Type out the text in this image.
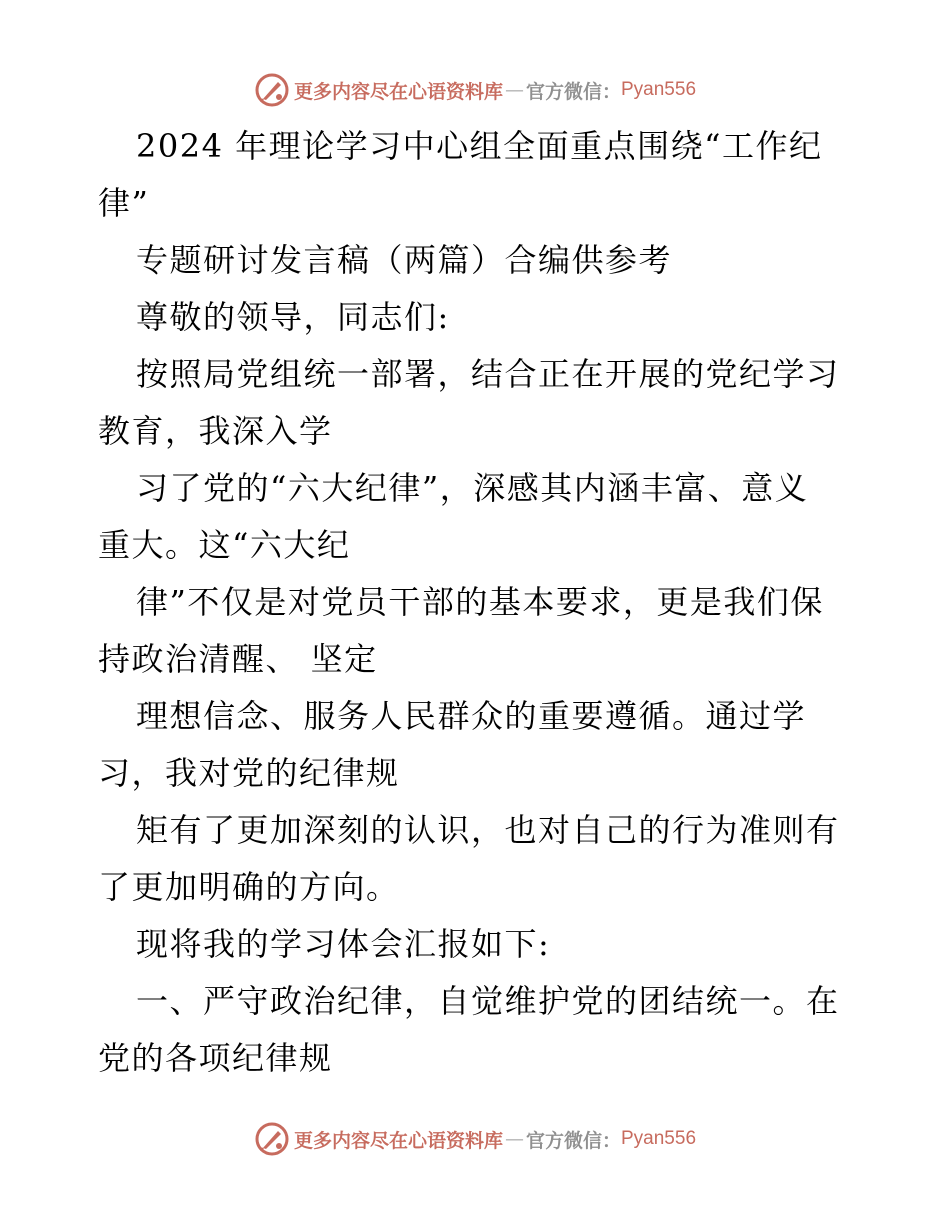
更多内容尽在心语资料库 — 官方微信： Pyan556
2024 年理论学习中心组全面重点围绕“工作纪
律”
专题研讨发言稿（两篇）合编供参考
尊敬的领导，同志们:
按照局党组统一部署，结合正在开展的党纪学习
教育，我深入学
习了党的“六大纪律”，深感其内涵丰富、意义
重大。这“六大纪
律”不仅是对党员干部的基本要求，更是我们保
持政治清醒、 坚定
理想信念、服务人民群众的重要遵循。通过学
习，我对党的纪律规
矩有了更加深刻的认识，也对自己的行为准则有
了更加明确的方向。
现将我的学习体会汇报如下:
一、严守政治纪律，自觉维护党的团结统一。在
党的各项纪律规
更多内容尽在心语资料库 — 官方微信： Pyan556
